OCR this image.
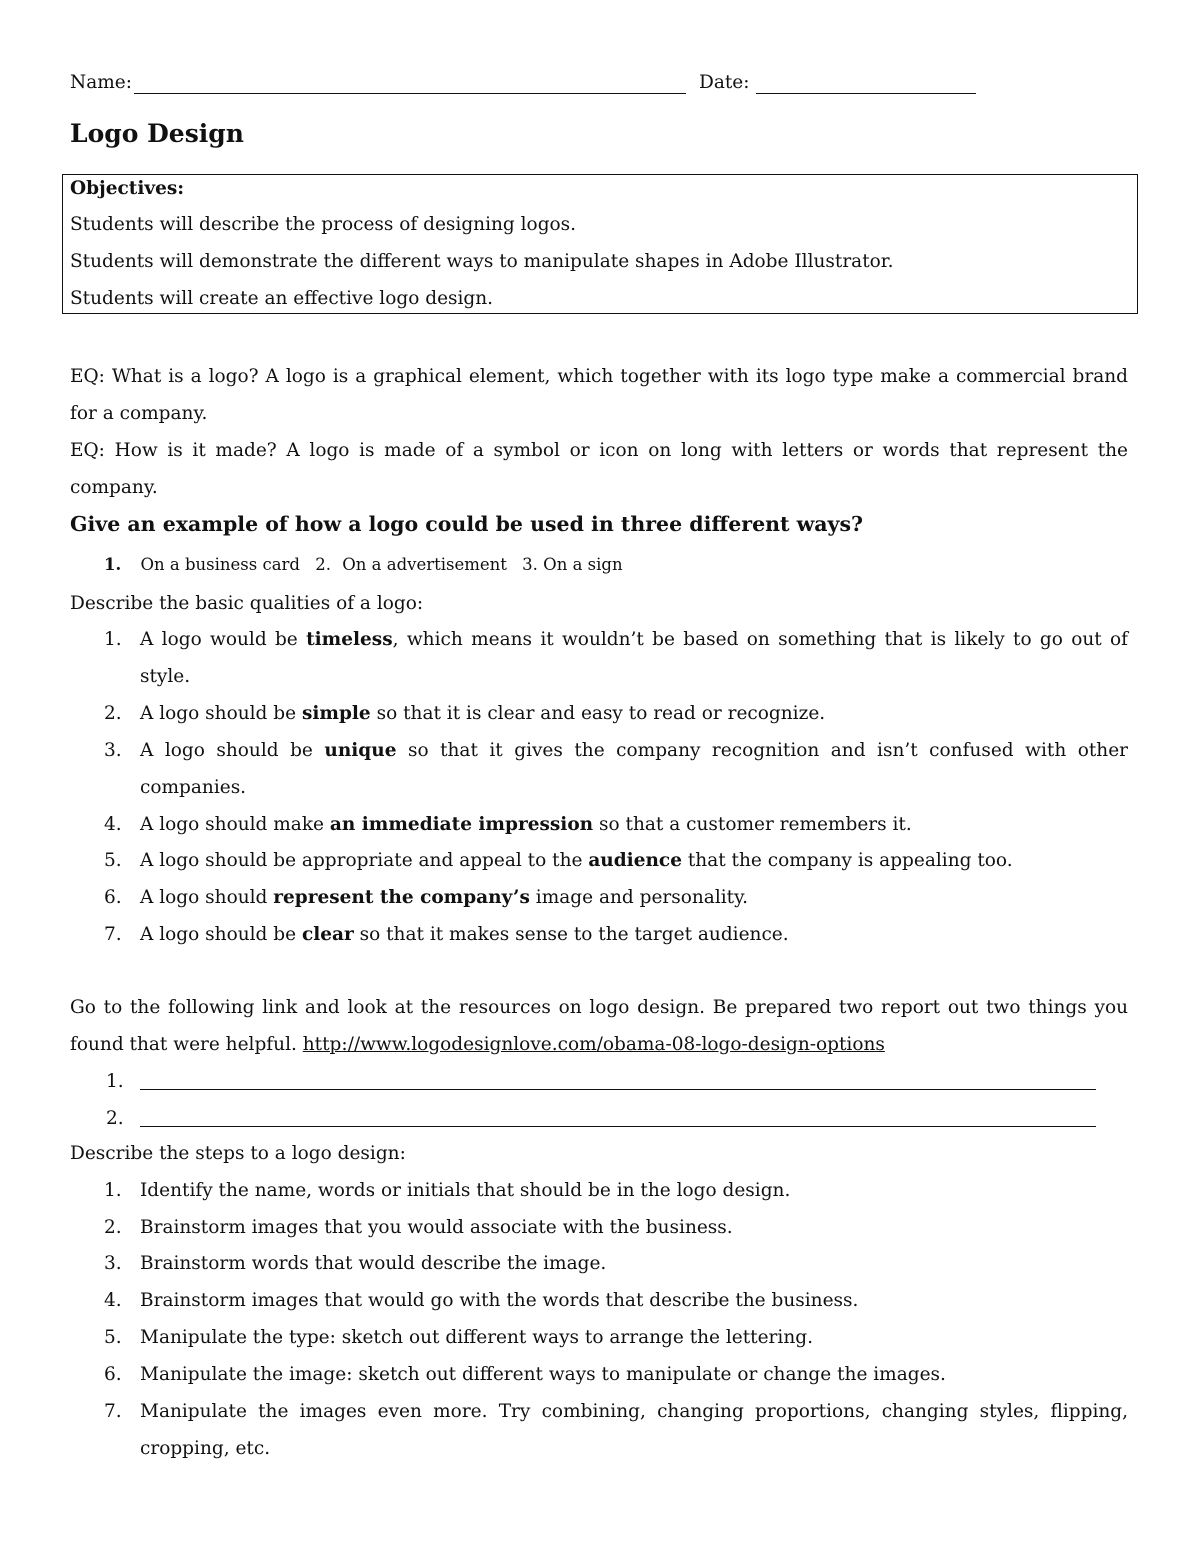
Name:	Date:
Logo Design
Objectives:
Students will describe the process of designing logos.
Students will demonstrate the different ways to manipulate shapes in Adobe Illustrator.
Students will create an effective logo design.
EQ: What is a logo? A logo is a graphical element, which together with its logo type make a commercial brand for a company.
EQ: How is it made? A logo is made of a symbol or icon on long with letters or words that represent the company.
Give an example of how a logo could be used in three different ways?
1. On a business card 2. On a advertisement 3. On a sign
Describe the basic qualities of a logo:
1. A logo would be timeless, which means it wouldn’t be based on something that is likely to go out of style.
2. A logo should be simple so that it is clear and easy to read or recognize.
3. A logo should be unique so that it gives the company recognition and isn’t confused with other companies.
4. A logo should make an immediate impression so that a customer remembers it.
5. A logo should be appropriate and appeal to the audience that the company is appealing too.
6. A logo should represent the company’s image and personality.
7. A logo should be clear so that it makes sense to the target audience.
Go to the following link and look at the resources on logo design. Be prepared two report out two things you found that were helpful. http://www.logodesignlove.com/obama-08-logo-design-options
1.
2.
Describe the steps to a logo design:
1. Identify the name, words or initials that should be in the logo design.
2. Brainstorm images that you would associate with the business.
3. Brainstorm words that would describe the image.
4. Brainstorm images that would go with the words that describe the business.
5. Manipulate the type: sketch out different ways to arrange the lettering.
6. Manipulate the image: sketch out different ways to manipulate or change the images.
7. Manipulate the images even more. Try combining, changing proportions, changing styles, flipping, cropping, etc.
